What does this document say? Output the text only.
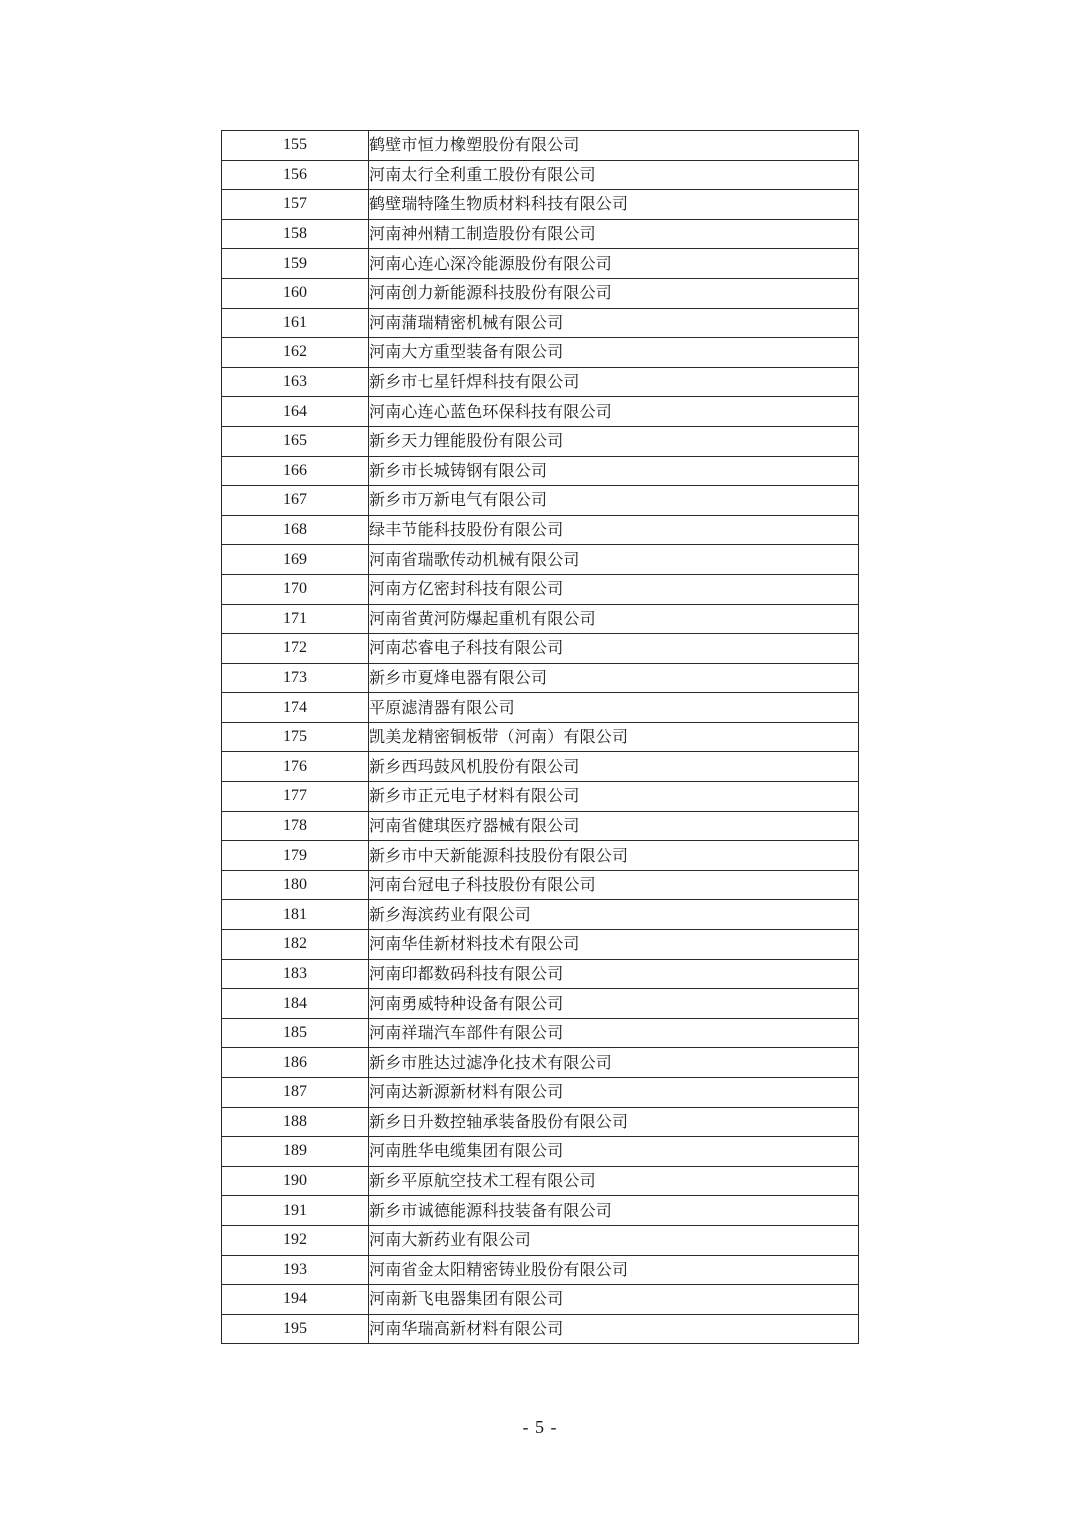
155	鹤壁市恒力橡塑股份有限公司
156	河南太行全利重工股份有限公司
157	鹤壁瑞特隆生物质材料科技有限公司
158	河南神州精工制造股份有限公司
159	河南心连心深冷能源股份有限公司
160	河南创力新能源科技股份有限公司
161	河南蒲瑞精密机械有限公司
162	河南大方重型装备有限公司
163	新乡市七星钎焊科技有限公司
164	河南心连心蓝色环保科技有限公司
165	新乡天力锂能股份有限公司
166	新乡市长城铸钢有限公司
167	新乡市万新电气有限公司
168	绿丰节能科技股份有限公司
169	河南省瑞歌传动机械有限公司
170	河南方亿密封科技有限公司
171	河南省黄河防爆起重机有限公司
172	河南芯睿电子科技有限公司
173	新乡市夏烽电器有限公司
174	平原滤清器有限公司
175	凯美龙精密铜板带（河南）有限公司
176	新乡西玛鼓风机股份有限公司
177	新乡市正元电子材料有限公司
178	河南省健琪医疗器械有限公司
179	新乡市中天新能源科技股份有限公司
180	河南台冠电子科技股份有限公司
181	新乡海滨药业有限公司
182	河南华佳新材料技术有限公司
183	河南印都数码科技有限公司
184	河南勇威特种设备有限公司
185	河南祥瑞汽车部件有限公司
186	新乡市胜达过滤净化技术有限公司
187	河南达新源新材料有限公司
188	新乡日升数控轴承装备股份有限公司
189	河南胜华电缆集团有限公司
190	新乡平原航空技术工程有限公司
191	新乡市诚德能源科技装备有限公司
192	河南大新药业有限公司
193	河南省金太阳精密铸业股份有限公司
194	河南新飞电器集团有限公司
195	河南华瑞高新材料有限公司
- 5 -
